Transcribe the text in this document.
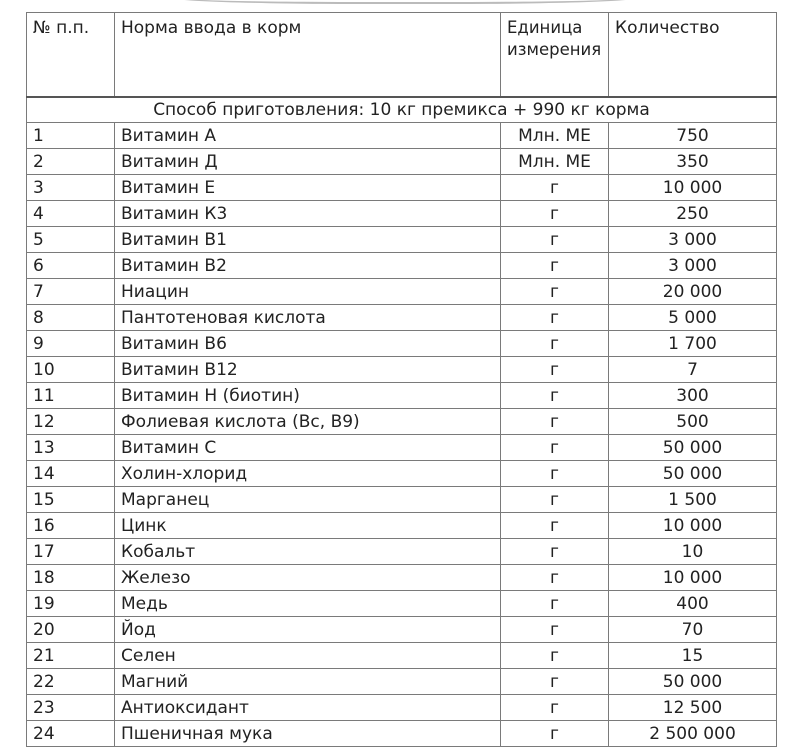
№ п.п.	Норма ввода в корм	Единица измерения	Количество
Способ приготовления: 10 кг премикса + 990 кг корма			
1	Витамин А	Млн. МЕ	750
2	Витамин Д	Млн. МЕ	350
3	Витамин Е	г	10 000
4	Витамин К3	г	250
5	Витамин В1	г	3 000
6	Витамин В2	г	3 000
7	Ниацин	г	20 000
8	Пантотеновая кислота	г	5 000
9	Витамин В6	г	1 700
10	Витамин В12	г	7
11	Витамин Н (биотин)	г	300
12	Фолиевая кислота (Вс, В9)	г	500
13	Витамин С	г	50 000
14	Холин-хлорид	г	50 000
15	Марганец	г	1 500
16	Цинк	г	10 000
17	Кобальт	г	10
18	Железо	г	10 000
19	Медь	г	400
20	Йод	г	70
21	Селен	г	15
22	Магний	г	50 000
23	Антиоксидант	г	12 500
24	Пшеничная мука	г	2 500 000
